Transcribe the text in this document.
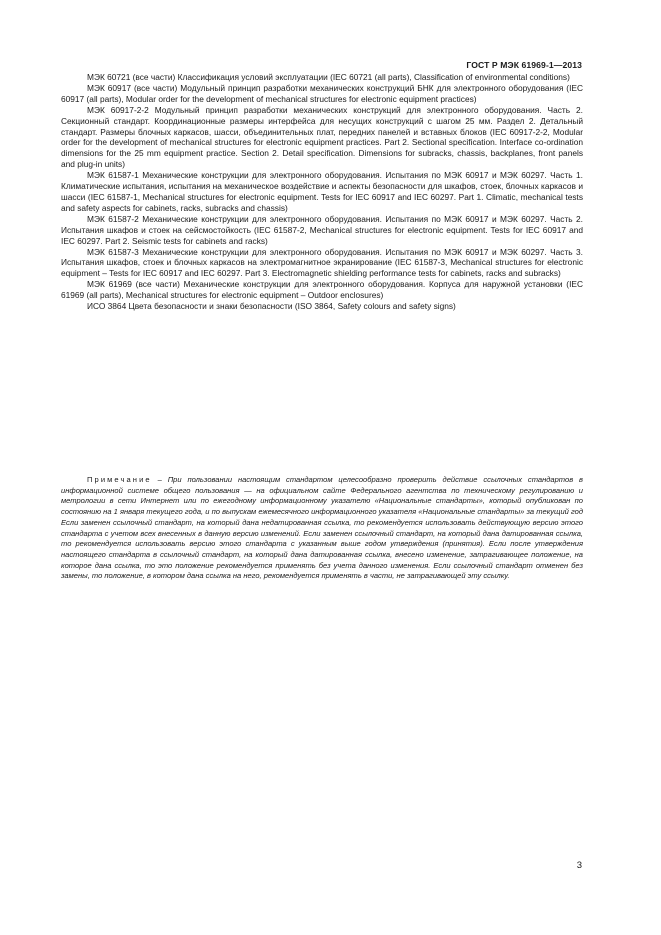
ГОСТ Р МЭК 61969-1—2013

МЭК 60721 (все части) Классификация условий эксплуатации (IEC 60721 (all parts), Classification of environmental conditions)

МЭК 60917 (все части) Модульный принцип разработки механических конструкций БНК для электронного оборудования (IEC 60917 (all parts), Modular order for the development of mechanical structures for electronic equipment practices)

МЭК 60917-2-2 Модульный принцип разработки механических конструкций для электронного оборудования. Часть 2. Секционный стандарт. Координационные размеры интерфейса для несущих конструкций с шагом 25 мм. Раздел 2. Детальный стандарт. Размеры блочных каркасов, шасси, объединительных плат, передних панелей и вставных блоков (IEC 60917-2-2, Modular order for the development of mechanical structures for electronic equipment practices. Part 2. Sectional specification. Interface co-ordination dimensions for the 25 mm equipment practice. Section 2. Detail specification. Dimensions for subracks, chassis, backplanes, front panels and plug-in units)

МЭК 61587-1 Механические конструкции для электронного оборудования. Испытания по МЭК 60917 и МЭК 60297. Часть 1. Климатические испытания, испытания на механическое воздействие и аспекты безопасности для шкафов, стоек, блочных каркасов и шасси (IEC 61587-1, Mechanical structures for electronic equipment. Tests for IEC 60917 and IEC 60297. Part 1. Climatic, mechanical tests and safety aspects for cabinets, racks, subracks and chassis)

МЭК 61587-2 Механические конструкции для электронного оборудования. Испытания по МЭК 60917 и МЭК 60297. Часть 2. Испытания шкафов и стоек на сейсмостойкость (IEC 61587-2, Mechanical structures for electronic equipment. Tests for IEC 60917 and IEC 60297. Part 2. Seismic tests for cabinets and racks)

МЭК 61587-3 Механические конструкции для электронного оборудования. Испытания по МЭК 60917 и МЭК 60297. Часть 3. Испытания шкафов, стоек и блочных каркасов на электромагнитное экранирование (IEC 61587-3, Mechanical structures for electronic equipment – Tests for IEC 60917 and IEC 60297. Part 3. Electromagnetic shielding performance tests for cabinets, racks and subracks)

МЭК 61969 (все части) Механические конструкции для электронного оборудования. Корпуса для наружной установки (IEC 61969 (all parts), Mechanical structures for electronic equipment – Outdoor enclosures)

ИСО 3864 Цвета безопасности и знаки безопасности (ISO 3864, Safety colours and safety signs)

Примечание – При пользовании настоящим стандартом целесообразно проверить действие ссылочных стандартов в информационной системе общего пользования — на официальном сайте Федерального агентства по техническому регулированию и метрологии в сети Интернет или по ежегодному информационному указателю «Национальные стандарты», который опубликован по состоянию на 1 января текущего года, и по выпускам ежемесячного информационного указателя «Национальные стандарты» за текущий год Если заменен ссылочный стандарт, на который дана недатированная ссылка, то рекомендуется использовать действующую версию этого стандарта с учетом всех внесенных в данную версию изменений. Если заменен ссылочный стандарт, на который дана датированная ссылка, то рекомендуется использовать версию этого стандарта с указанным выше годом утверждения (принятия). Если после утверждения настоящего стандарта в ссылочный стандарт, на который дана датированная ссылка, внесено изменение, затрагивающее положение, на которое дана ссылка, то это положение рекомендуется применять без учета данного изменения. Если ссылочный стандарт отменен без замены, то положение, в котором дана ссылка на него, рекомендуется применять в части, не затрагивающей эту ссылку.

3
